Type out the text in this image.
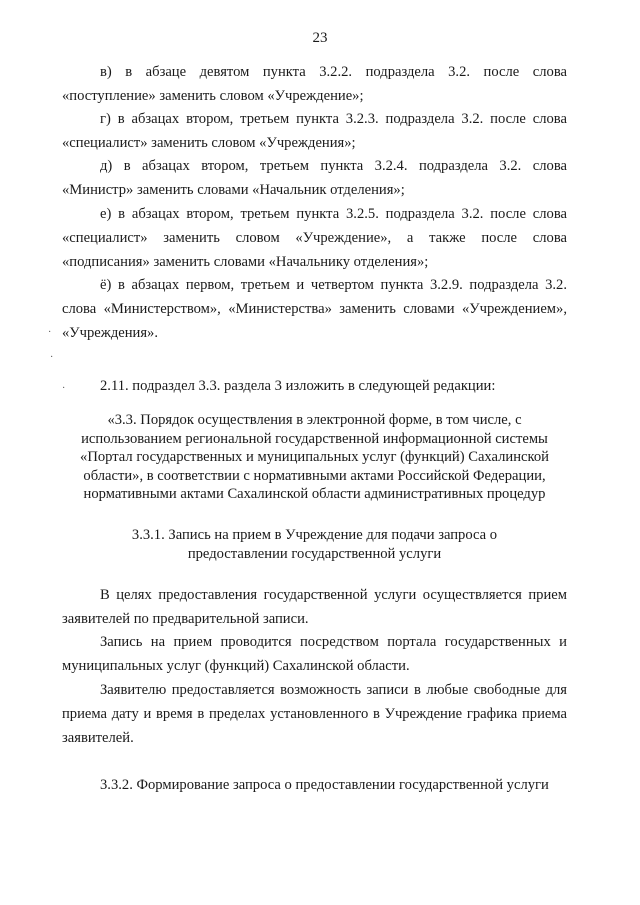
23

в) в абзаце девятом пункта 3.2.2. подраздела 3.2. после слова «поступление» заменить словом «Учреждение»;

г) в абзацах втором, третьем пункта 3.2.3. подраздела 3.2. после слова «специалист» заменить словом «Учреждения»;

д) в абзацах втором, третьем пункта 3.2.4. подраздела 3.2. слова «Министр» заменить словами «Начальник отделения»;

е) в абзацах втором, третьем пункта 3.2.5. подраздела 3.2. после слова «специалист» заменить словом «Учреждение», а также после слова «подписания» заменить словами «Начальнику отделения»;

ё) в абзацах первом, третьем и четвертом пункта 3.2.9. подраздела 3.2. слова «Министерством», «Министерства» заменить словами «Учреждением», «Учреждения».

2.11. подраздел 3.3. раздела 3 изложить в следующей редакции:

«3.3. Порядок осуществления в электронной форме, в том числе, с
использованием региональной государственной информационной системы
«Портал государственных и муниципальных услуг (функций) Сахалинской
области», в соответствии с нормативными актами Российской Федерации,
нормативными актами Сахалинской области административных процедур
3.3.1. Запись на прием в Учреждение для подачи запроса о
предоставлении государственной услуги

В целях предоставления государственной услуги осуществляется прием заявителей по предварительной записи.

Запись на прием проводится посредством портала государственных и муниципальных услуг (функций) Сахалинской области.

Заявителю предоставляется возможность записи в любые свободные для приема дату и время в пределах установленного в Учреждение графика приема заявителей.

3.3.2. Формирование запроса о предоставлении государственной услуги

·
·
·
